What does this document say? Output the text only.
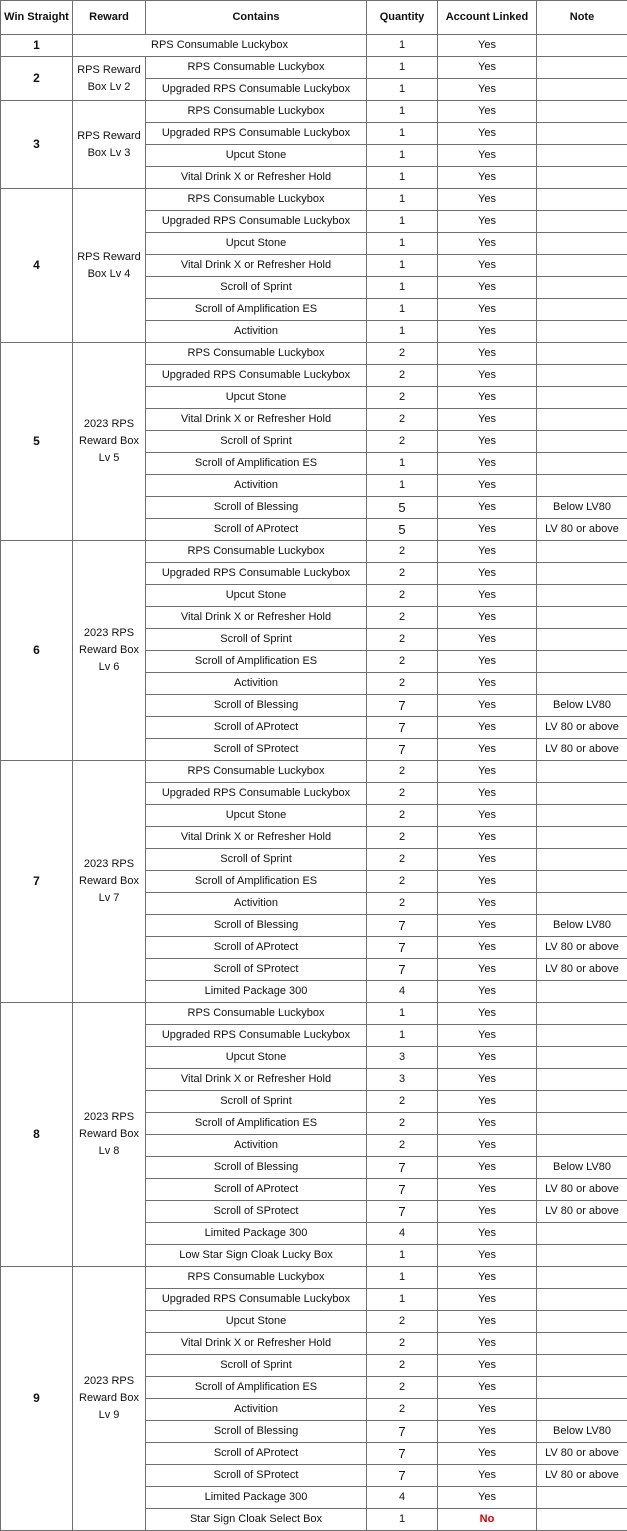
Win Straight	Reward	Contains	Quantity	Account Linked	Note
1	RPS Consumable Luckybox		1	Yes	
2	RPS Reward Box Lv 2	RPS Consumable Luckybox	1	Yes	
		Upgraded RPS Consumable Luckybox	1	Yes	
3	RPS Reward Box Lv 3	RPS Consumable Luckybox	1	Yes	
		Upgraded RPS Consumable Luckybox	1	Yes	
		Upcut Stone	1	Yes	
		Vital Drink X or Refresher Hold	1	Yes	
4	RPS Reward Box Lv 4	RPS Consumable Luckybox	1	Yes	
		Upgraded RPS Consumable Luckybox	1	Yes	
		Upcut Stone	1	Yes	
		Vital Drink X or Refresher Hold	1	Yes	
		Scroll of Sprint	1	Yes	
		Scroll of Amplification ES	1	Yes	
		Activition	1	Yes	
5	2023 RPS Reward Box Lv 5	RPS Consumable Luckybox	2	Yes	
		Upgraded RPS Consumable Luckybox	2	Yes	
		Upcut Stone	2	Yes	
		Vital Drink X or Refresher Hold	2	Yes	
		Scroll of Sprint	2	Yes	
		Scroll of Amplification ES	1	Yes	
		Activition	1	Yes	
		Scroll of Blessing	5	Yes	Below LV80
		Scroll of AProtect	5	Yes	LV 80 or above
6	2023 RPS Reward Box Lv 6	RPS Consumable Luckybox	2	Yes	
		Upgraded RPS Consumable Luckybox	2	Yes	
		Upcut Stone	2	Yes	
		Vital Drink X or Refresher Hold	2	Yes	
		Scroll of Sprint	2	Yes	
		Scroll of Amplification ES	2	Yes	
		Activition	2	Yes	
		Scroll of Blessing	7	Yes	Below LV80
		Scroll of AProtect	7	Yes	LV 80 or above
		Scroll of SProtect	7	Yes	LV 80 or above
7	2023 RPS Reward Box Lv 7	RPS Consumable Luckybox	2	Yes	
		Upgraded RPS Consumable Luckybox	2	Yes	
		Upcut Stone	2	Yes	
		Vital Drink X or Refresher Hold	2	Yes	
		Scroll of Sprint	2	Yes	
		Scroll of Amplification ES	2	Yes	
		Activition	2	Yes	
		Scroll of Blessing	7	Yes	Below LV80
		Scroll of AProtect	7	Yes	LV 80 or above
		Scroll of SProtect	7	Yes	LV 80 or above
		Limited Package 300	4	Yes	
8	2023 RPS Reward Box Lv 8	RPS Consumable Luckybox	1	Yes	
		Upgraded RPS Consumable Luckybox	1	Yes	
		Upcut Stone	3	Yes	
		Vital Drink X or Refresher Hold	3	Yes	
		Scroll of Sprint	2	Yes	
		Scroll of Amplification ES	2	Yes	
		Activition	2	Yes	
		Scroll of Blessing	7	Yes	Below LV80
		Scroll of AProtect	7	Yes	LV 80 or above
		Scroll of SProtect	7	Yes	LV 80 or above
		Limited Package 300	4	Yes	
		Low Star Sign Cloak Lucky Box	1	Yes	
9	2023 RPS Reward Box Lv 9	RPS Consumable Luckybox	1	Yes	
		Upgraded RPS Consumable Luckybox	1	Yes	
		Upcut Stone	2	Yes	
		Vital Drink X or Refresher Hold	2	Yes	
		Scroll of Sprint	2	Yes	
		Scroll of Amplification ES	2	Yes	
		Activition	2	Yes	
		Scroll of Blessing	7	Yes	Below LV80
		Scroll of AProtect	7	Yes	LV 80 or above
		Scroll of SProtect	7	Yes	LV 80 or above
		Limited Package 300	4	Yes	
		Star Sign Cloak Select Box	1	No	
